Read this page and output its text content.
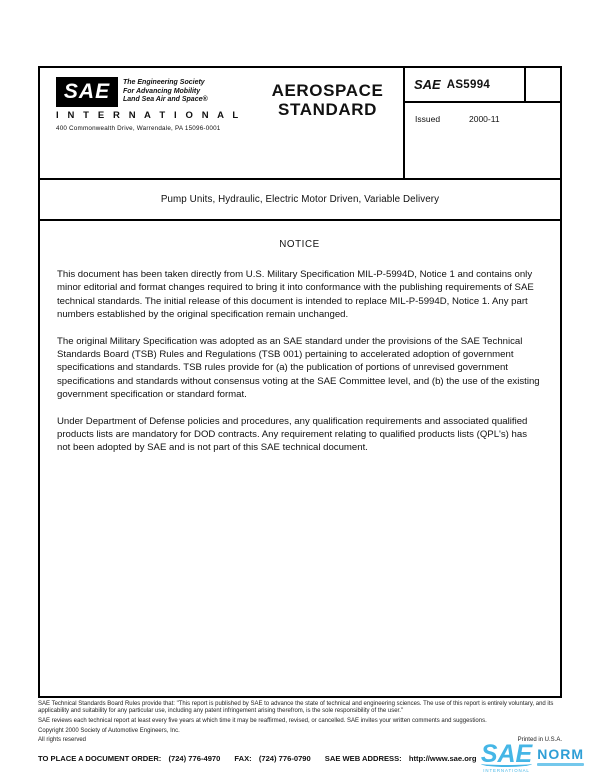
SAE The Engineering Society
For Advancing Mobility
Land Sea Air and Space®
I N T E R N A T I O N A L
400 Commonwealth Drive, Warrendale, PA 15096-0001
AEROSPACE
STANDARD
SAE AS5994
Issued	2000-11
Pump Units, Hydraulic, Electric Motor Driven, Variable Delivery
NOTICE

This document has been taken directly from U.S. Military Specification MIL-P-5994D, Notice 1 and contains only minor editorial and format changes required to bring it into conformance with the publishing requirements of SAE technical standards. The initial release of this document is intended to replace MIL-P-5994D, Notice 1. Any part numbers established by the original specification remain unchanged.

The original Military Specification was adopted as an SAE standard under the provisions of the SAE Technical Standards Board (TSB) Rules and Regulations (TSB 001) pertaining to accelerated adoption of government specifications and standards. TSB rules provide for (a) the publication of portions of unrevised government specifications and standards without consensus voting at the SAE Committee level, and (b) the use of the existing government specification or standard format.

Under Department of Defense policies and procedures, any qualification requirements and associated qualified products lists are mandatory for DOD contracts. Any requirement relating to qualified products lists (QPL's) has not been adopted by SAE and is not part of this SAE technical document.

SAE Technical Standards Board Rules provide that: "This report is published by SAE to advance the state of technical and engineering sciences. The use of this report is entirely voluntary, and its applicability and suitability for any particular use, including any patent infringement arising therefrom, is the sole responsibility of the user."
SAE reviews each technical report at least every five years at which time it may be reaffirmed, revised, or cancelled. SAE invites your written comments and suggestions.
Copyright 2000 Society of Automotive Engineers, Inc.
All rights reserved	Printed in U.S.A.
TO PLACE A DOCUMENT ORDER: (724) 776-4970 FAX: (724) 776-0790 SAE WEB ADDRESS: http://www.sae.org SAE
INTERNATIONAL
NORM
